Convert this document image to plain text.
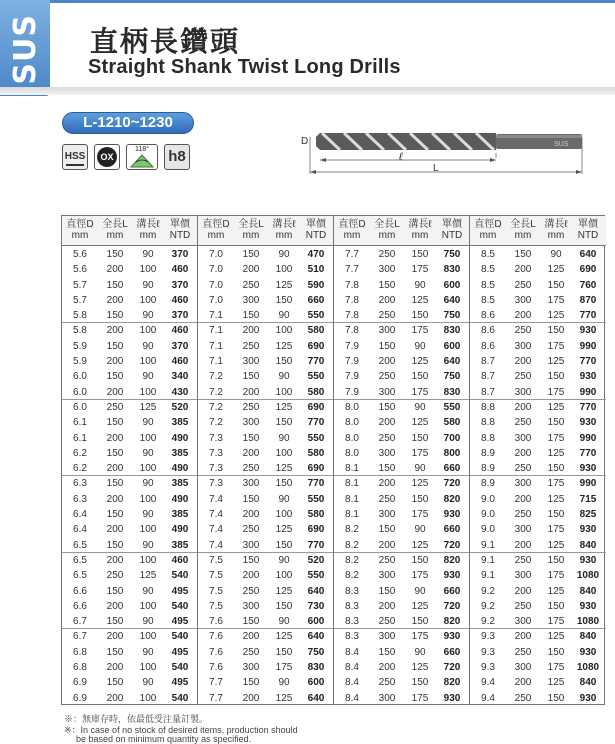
SUS 直柄長鑽頭
Straight Shank Twist Long Drills
L-1210~1230
HSS	OX
118°	h8
SUS
D
ℓ
L
直徑D
mm
全長L
mm
溝長ℓ
mm
單價
NTD
5.6	150	90	370
5.6	200	100	460
5.7	150	90	370
5.7	200	100	460
5.8	150	90	370
5.8	200	100	460
5.9	150	90	370
5.9	200	100	460
6.0	150	90	340
6.0	200	100	430
6.0	250	125	520
6.1	150	90	385
6.1	200	100	490
6.2	150	90	385
6.2	200	100	490
6.3	150	90	385
6.3	200	100	490
6.4	150	90	385
6.4	200	100	490
6.5	150	90	385
6.5	200	100	460
6.5	250	125	540
6.6	150	90	495
6.6	200	100	540
6.7	150	90	495
6.7	200	100	540
6.8	150	90	495
6.8	200	100	540
6.9	150	90	495
6.9	200	100	540
直徑D
mm
全長L
mm
溝長ℓ
mm
單價
NTD
7.0	150	90	470
7.0	200	100	510
7.0	250	125	590
7.0	300	150	660
7.1	150	90	550
7.1	200	100	580
7.1	250	125	690
7.1	300	150	770
7.2	150	90	550
7.2	200	100	580
7.2	250	125	690
7.2	300	150	770
7.3	150	90	550
7.3	200	100	580
7.3	250	125	690
7.3	300	150	770
7.4	150	90	550
7.4	200	100	580
7.4	250	125	690
7.4	300	150	770
7.5	150	90	520
7.5	200	100	550
7.5	250	125	640
7.5	300	150	730
7.6	150	90	600
7.6	200	125	640
7.6	250	150	750
7.6	300	175	830
7.7	150	90	600
7.7	200	125	640
直徑D
mm
全長L
mm
溝長ℓ
mm
單價
NTD
7.7	250	150	750
7.7	300	175	830
7.8	150	90	600
7.8	200	125	640
7.8	250	150	750
7.8	300	175	830
7.9	150	90	600
7.9	200	125	640
7.9	250	150	750
7.9	300	175	830
8.0	150	90	550
8.0	200	125	580
8.0	250	150	700
8.0	300	175	800
8.1	150	90	660
8.1	200	125	720
8.1	250	150	820
8.1	300	175	930
8.2	150	90	660
8.2	200	125	720
8.2	250	150	820
8.2	300	175	930
8.3	150	90	660
8.3	200	125	720
8.3	250	150	820
8.3	300	175	930
8.4	150	90	660
8.4	200	125	720
8.4	250	150	820
8.4	300	175	930
直徑D
mm
全長L
mm
溝長ℓ
mm
單價
NTD
8.5	150	90	640
8.5	200	125	690
8.5	250	150	760
8.5	300	175	870
8.6	200	125	770
8.6	250	150	930
8.6	300	175	990
8.7	200	125	770
8.7	250	150	930
8.7	300	175	990
8.8	200	125	770
8.8	250	150	930
8.8	300	175	990
8.9	200	125	770
8.9	250	150	930
8.9	300	175	990
9.0	200	125	715
9.0	250	150	825
9.0	300	175	930
9.1	200	125	840
9.1	250	150	930
9.1	300	175	1080
9.2	200	125	840
9.2	250	150	930
9.2	300	175	1080
9.3	200	125	840
9.3	250	150	930
9.3	300	175	1080
9.4	200	125	840
9.4	250	150	930
※：無庫存時，依最低受注量訂製。
※：In case of no stock of desired items, production should
be based on minimum quantity as specified.
